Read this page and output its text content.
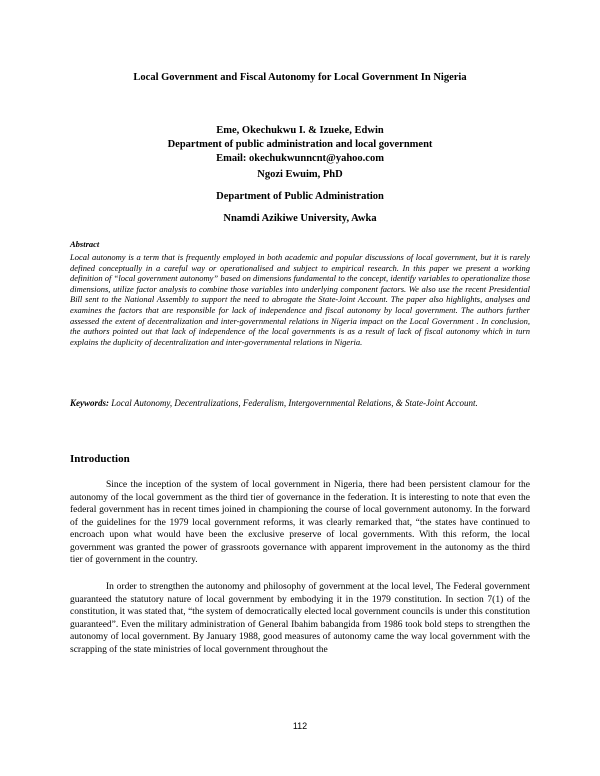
Local Government and Fiscal Autonomy for Local Government In Nigeria
Eme, Okechukwu I. & Izueke, Edwin
Department of public administration and local government
Email: okechukwunncnt@yahoo.com
Ngozi Ewuim, PhD
Department of Public Administration
Nnamdi Azikiwe University, Awka
Abstract

Local autonomy is a term that is frequently employed in both academic and popular discussions of local government, but it is rarely defined conceptually in a careful way or operationalised and subject to empirical research. In this paper we present a working definition of “local government autonomy” based on dimensions fundamental to the concept, identify variables to operationalize those dimensions, utilize factor analysis to combine those variables into underlying component factors. We also use the recent Presidential Bill sent to the National Assembly to support the need to abrogate the State-Joint Account. The paper also highlights, analyses and examines the factors that are responsible for lack of independence and fiscal autonomy by local government. The authors further assessed the extent of decentralization and inter-governmental relations in Nigeria impact on the Local Government . In conclusion, the authors pointed out that lack of independence of the local governments is as a result of lack of fiscal autonomy which in turn explains the duplicity of decentralization and inter-governmental relations in Nigeria.

Keywords: Local Autonomy, Decentralizations, Federalism, Intergovernmental Relations, & State-Joint Account.

Introduction

Since the inception of the system of local government in Nigeria, there had been persistent clamour for the autonomy of the local government as the third tier of governance in the federation. It is interesting to note that even the federal government has in recent times joined in championing the course of local government autonomy. In the forward of the guidelines for the 1979 local government reforms, it was clearly remarked that, “the states have continued to encroach upon what would have been the exclusive preserve of local governments. With this reform, the local government was granted the power of grassroots governance with apparent improvement in the autonomy as the third tier of government in the country.

In order to strengthen the autonomy and philosophy of government at the local level, The Federal government guaranteed the statutory nature of local government by embodying it in the 1979 constitution. In section 7(1) of the constitution, it was stated that, “the system of democratically elected local government councils is under this constitution guaranteed”. Even the military administration of General Ibahim babangida from 1986 took bold steps to strengthen the autonomy of local government. By January 1988, good measures of autonomy came the way local government with the scrapping of the state ministries of local government throughout the

112
